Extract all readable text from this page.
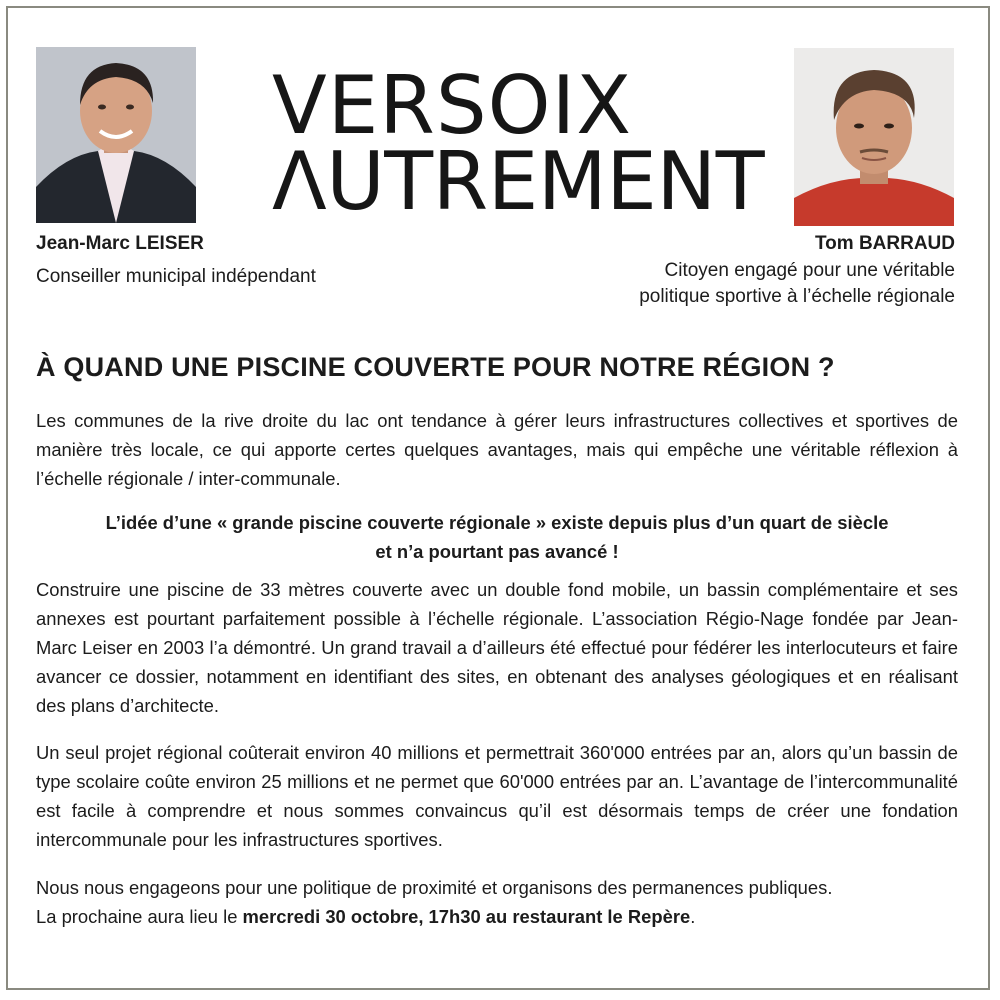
VERSOIX
ΛUTREMENT
Jean-Marc LEISER
Conseiller municipal indépendant
Tom BARRAUD
Citoyen engagé pour une véritable
politique sportive à l’échelle régionale
À QUAND UNE PISCINE COUVERTE POUR NOTRE RÉGION ?
Les communes de la rive droite du lac ont tendance à gérer leurs infrastructures collectives et sportives de manière très locale, ce qui apporte certes quelques avantages, mais qui empêche une véritable réflexion à l’échelle régionale / inter-communale.
L’idée d’une « grande piscine couverte régionale » existe depuis plus d’un quart de siècle
et n’a pourtant pas avancé !
Construire une piscine de 33 mètres couverte avec un double fond mobile, un bassin complémentaire et ses annexes est pourtant parfaitement possible à l’échelle régionale. L’association Régio-Nage fondée par Jean-Marc Leiser en 2003 l’a démontré. Un grand travail a d’ailleurs été effectué pour fédérer les interlocuteurs et faire avancer ce dossier, notamment en identifiant des sites, en obtenant des analyses géologiques et en réalisant des plans d’architecte.
Un seul projet régional coûterait environ 40 millions et permettrait 360'000 entrées par an, alors qu’un bassin de type scolaire coûte environ 25 millions et ne permet que 60'000 entrées par an. L’avantage de l’intercommunalité est facile à comprendre et nous sommes convaincus qu’il est désormais temps de créer une fondation intercommunale pour les infrastructures sportives.
Nous nous engageons pour une politique de proximité et organisons des permanences publiques.
La prochaine aura lieu le mercredi 30 octobre, 17h30 au restaurant le Repère.
